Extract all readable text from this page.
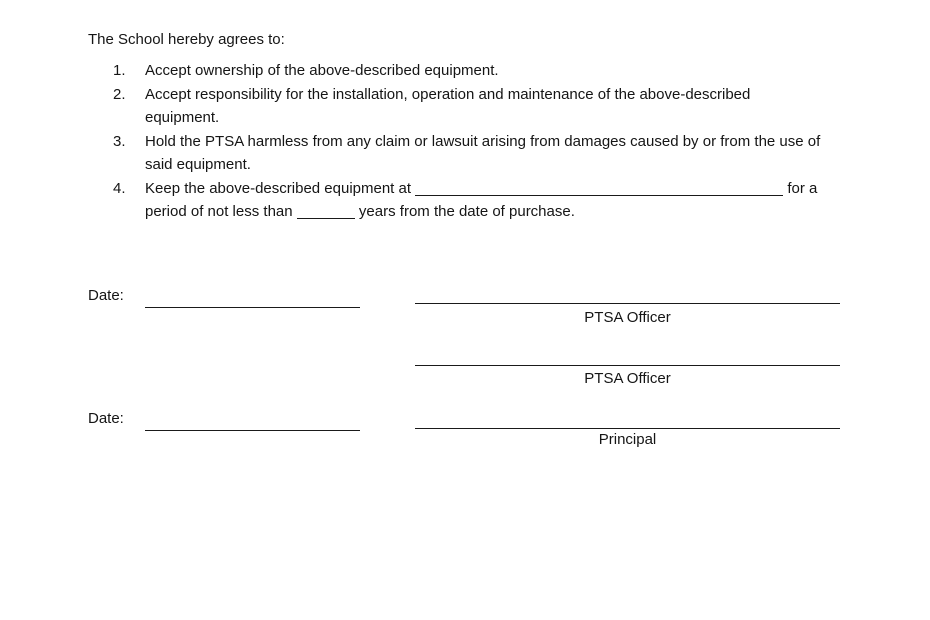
The School hereby agrees to:

1.	Accept ownership of the above-described equipment.
2.	Accept responsibility for the installation, operation and maintenance of the above-described
equipment.
3.	Hold the PTSA harmless from any claim or lawsuit arising from damages caused by or from the use of
said equipment.
4.	Keep the above-described equipment at	for a
period of not less than	years from the date of purchase.
Date:
PTSA Officer
PTSA Officer
Date:
Principal
